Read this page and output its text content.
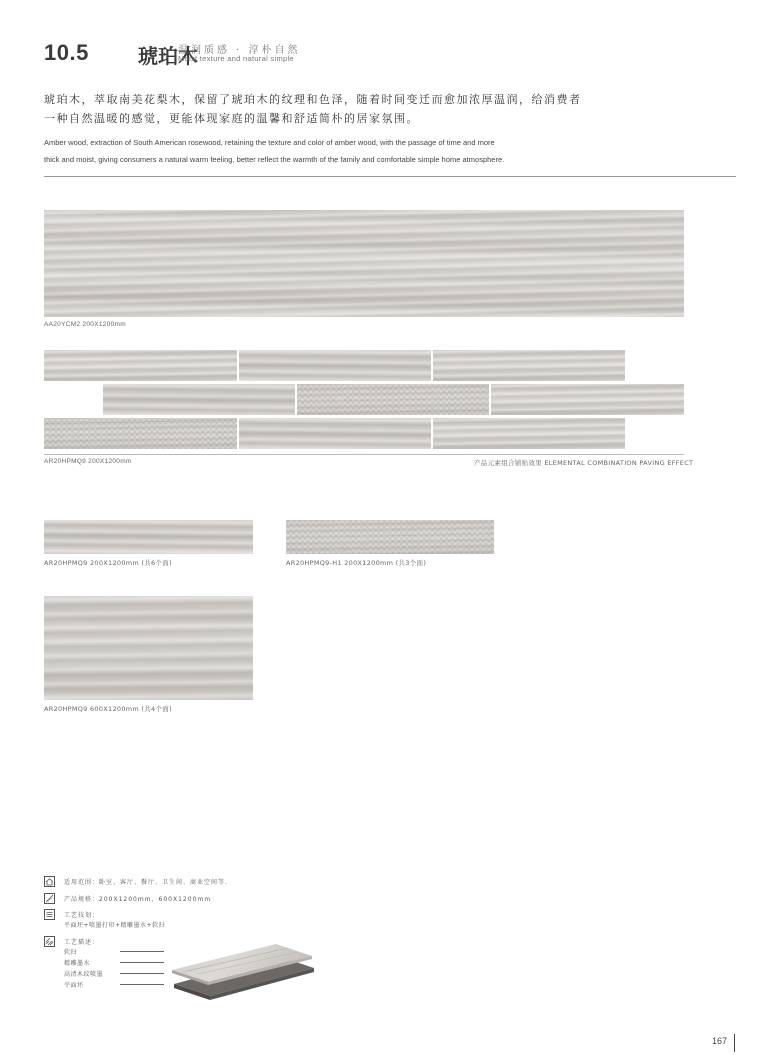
10.5 琥珀木
温润质感 · 淳朴自然
Moist texture and natural simple
琥珀木，萃取南美花梨木，保留了琥珀木的纹理和色泽，随着时间变迁而愈加浓厚温润，给消费者
一种自然温暖的感觉，更能体现家庭的温馨和舒适简朴的居家氛围。
Amber wood, extraction of South American rosewood, retaining the texture and color of amber wood, with the passage of time and more
thick and moist, giving consumers a natural warm feeling, better reflect the warmth of the family and comfortable simple home atmosphere.
AA20YCM2 200X1200mm
AR20HPMQ9 200X1200mm	产品元素组合铺贴效果 ELEMENTAL COMBINATION PAVING EFFECT
AR20HPMQ9 200X1200mm (共6个面)	AR20HPMQ9-H1 200X1200mm (共3个面)
AR20HPMQ9 600X1200mm (共4个面)
适用范围：卧室、客厅、餐厅、卫生间、商业空间等.
产品规格：200X1200mm、600X1200mm
工艺技划：
平面坯+喷墨打印+精雕墨水+软扫
工艺描述：
软扫
精雕墨水
高清木纹喷墨
平面坯
167
